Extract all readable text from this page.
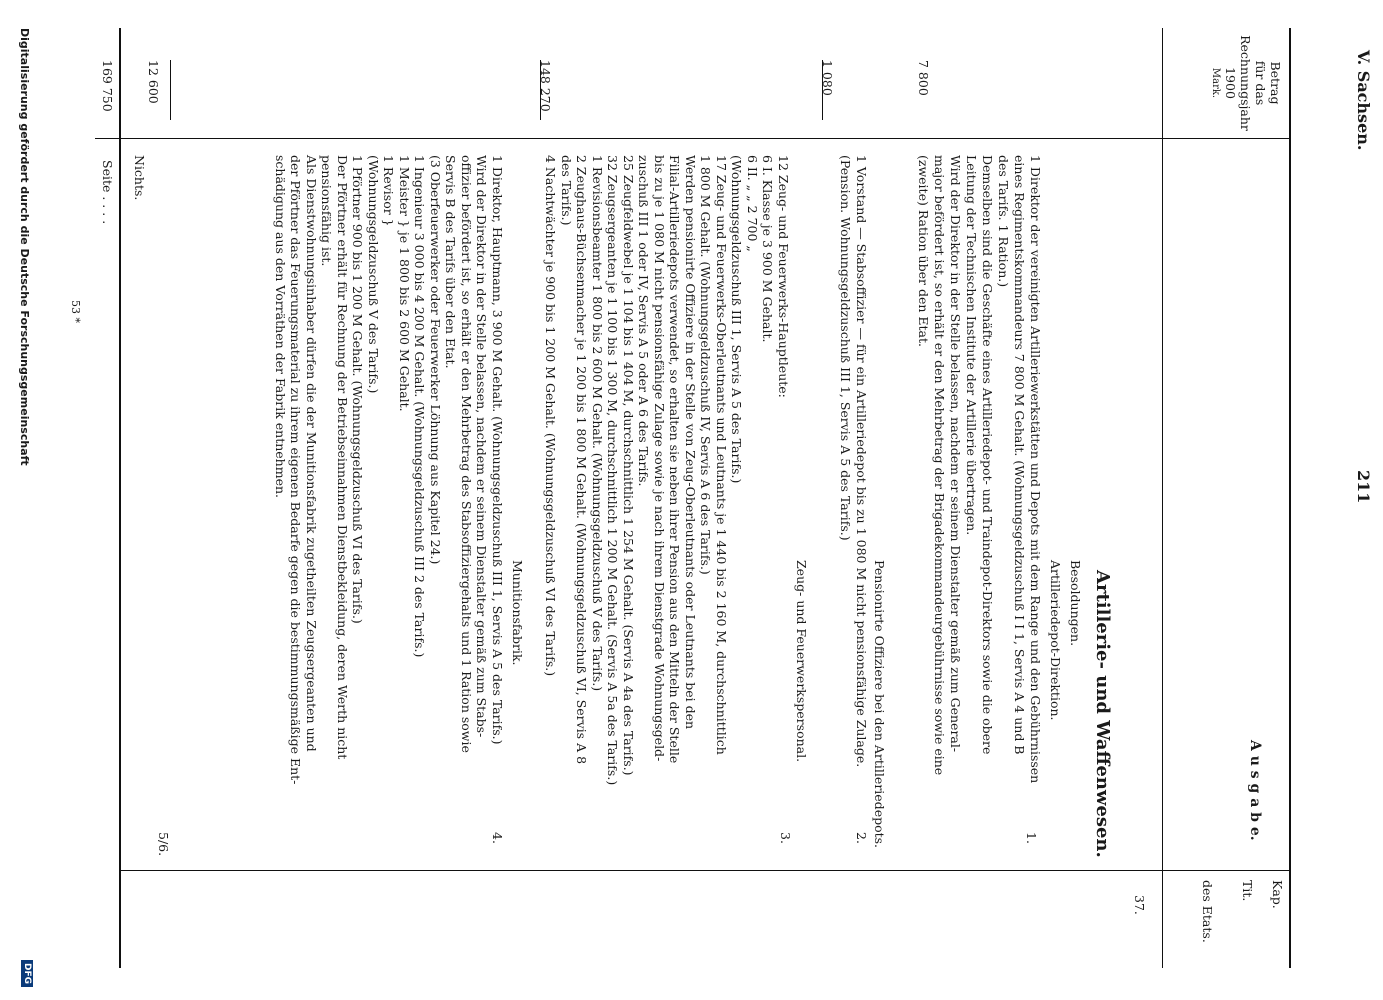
211
V. Sachsen.
Betrag
für das
Rechnungsjahr
1900
Mark.
A u s g a b e.
Kap.
Tit.
des Etats.
37.
Artillerie- und Waffenwesen.
Besoldungen.
1.
Artilleriedepot-Direktion.
1 Direktor der vereinigten Artilleriewerkstätten und Depots mit dem Range und den Gebührnissen
eines Regimentskommandeurs 7 800 M Gehalt. (Wohnungsgeldzuschuß I I 1, Servis A 4 und B
des Tarifs. 1 Ration.)
Demselben sind die Geschäfte eines Artilleriedepot- und Traindepot-Direktors sowie die obere
Leitung der Technischen Institute der Artillerie übertragen.
Wird der Direktor in der Stelle belassen, nachdem er seinem Dienstalter gemäß zum General-
major befördert ist, so erhält er den Mehrbetrag der Brigadekommandeurgebührnisse sowie eine
(zweite) Ration über den Etat.
7 800
Pensionirte Offiziere bei den Artilleriedepots.
2.
1 Vorstand — Stabsoffizier — für ein Artilleriedepot bis zu 1 080 M nicht pensionsfähige Zulage.
(Pension. Wohnungsgeldzuschuß III 1, Servis A 5 des Tarifs.)
1 080
Zeug- und Feuerwerkspersonal.
3.
12 Zeug- und Feuerwerks-Hauptleute:
6 I. Klasse je 3 900 M Gehalt.
6 II. „ „ 2 700 „
(Wohnungsgeldzuschuß III 1, Servis A 5 des Tarifs.)
17 Zeug- und Feuerwerks-Oberleutnants und Leutnants je 1 440 bis 2 160 M, durchschnittlich
1 800 M Gehalt. (Wohnungsgeldzuschuß IV, Servis A 6 des Tarifs.)
Werden pensionirte Offiziere in der Stelle von Zeug-Oberleutnants oder Leutnants bei den
Filial-Artilleriedepots verwendet, so erhalten sie neben ihrer Pension aus den Mitteln der Stelle
bis zu je 1 080 M nicht pensionsfähige Zulage sowie je nach ihrem Dienstgrade Wohnungsgeld-
zuschuß III 1 oder IV, Servis A 5 oder A 6 des Tarifs.
25 Zeugfeldwebel je 1 104 bis 1 404 M, durchschnittlich 1 254 M Gehalt. (Servis A 4a des Tarifs.)
32 Zeugsergeanten je 1 100 bis 1 300 M, durchschnittlich 1 200 M Gehalt. (Servis A 5a des Tarifs.)
1 Revisionsbeamter 1 800 bis 2 600 M Gehalt. (Wohnungsgeldzuschuß V des Tarifs.)
2 Zeughaus-Büchsenmacher je 1 200 bis 1 800 M Gehalt. (Wohnungsgeldzuschuß VI, Servis A 8
des Tarifs.)
4 Nachtwächter je 900 bis 1 200 M Gehalt. (Wohnungsgeldzuschuß VI des Tarifs.)
148 270
Munitionsfabrik.
4.
1 Direktor, Hauptmann, 3 900 M Gehalt. (Wohnungsgeldzuschuß III 1, Servis A 5 des Tarifs.)
Wird der Direktor in der Stelle belassen, nachdem er seinem Dienstalter gemäß zum Stabs-
offizier befördert ist, so erhält er den Mehrbetrag des Stabsoffiziergehalts und 1 Ration sowie
Servis B des Tarifs über den Etat.
(3 Oberfeuerwerker oder Feuerwerker Löhnung aus Kapitel 24.)
1 Ingenieur 3 000 bis 4 200 M Gehalt. (Wohnungsgeldzuschuß III 2 des Tarifs.)
1 Meister } je 1 800 bis 2 600 M Gehalt.
1 Revisor }
(Wohnungsgeldzuschuß V des Tarifs.)
1 Pförtner 900 bis 1 200 M Gehalt. (Wohnungsgeldzuschuß VI des Tarifs.)
Der Pförtner erhält für Rechnung der Betriebseinnahmen Dienstbekleidung, deren Werth nicht
pensionsfähig ist.
Als Dienstwohnungsinhaber dürfen die der Munitionsfabrik zugetheilten Zeugsergeanten und
der Pförtner das Feuerungsmaterial zu ihrem eigenen Bedarfe gegen die bestimmungsmäßige Ent-
schädigung aus den Vorräthen der Fabrik entnehmen.
12 600
5/6.
Nichts.
Seite . . . .
169 750
53 *
Digitalisierung gefördert durch die Deutsche Forschungsgemeinschaft
DFG
